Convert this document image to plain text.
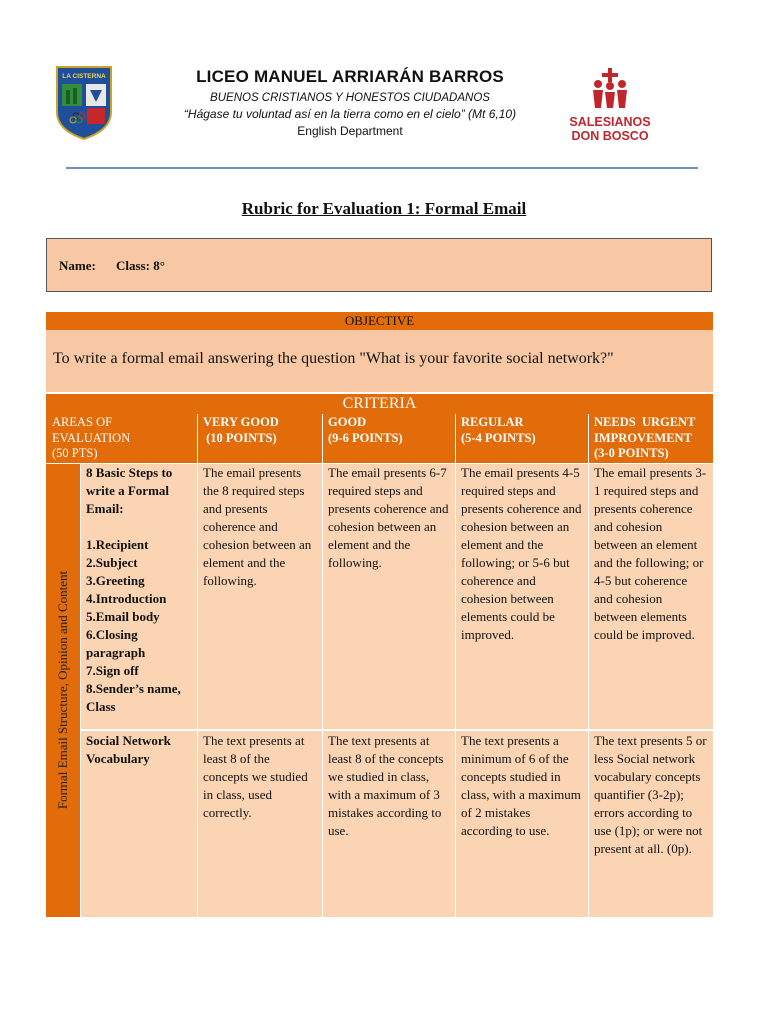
LA CISTERNA	LICEO MANUEL ARRIARÁN BARROS
BUENOS CRISTIANOS Y HONESTOS CIUDADANOS
“Hágase tu voluntad así en la tierra como en el cielo” (Mt 6,10)
English Department
SALESIANOS
DON BOSCO
Rubric for Evaluation 1: Formal Email
Name: Class: 8°
OBJECTIVE
To write a formal email answering the question "What is your favorite social network?"
CRITERIA
AREAS OF
EVALUATION
(50 PTS)
VERY GOOD
(10 POINTS)
GOOD
(9-6 POINTS)
REGULAR
(5-4 POINTS)
NEEDS  URGENT
IMPROVEMENT
(3-0 POINTS)
Formal Email Structure, Opinion and Content
8 Basic Steps to write a Formal Email:

1.Recipient
2.Subject
3.Greeting
4.Introduction
5.Email body
6.Closing paragraph
7.Sign off
8.Sender’s name, Class
The email presents the 8 required steps and presents coherence and cohesion between an element and the following.
The email presents 6-7 required steps and presents coherence and cohesion between an element and the following.
The email presents 4-5 required steps and presents coherence and cohesion between an element and the following; or 5-6 but coherence and cohesion between elements could be improved.
The email presents 3-1 required steps and presents coherence and cohesion between an element and the following; or 4-5 but coherence and cohesion between elements could be improved.
Social Network Vocabulary
The text presents at least 8 of the concepts we studied in class, used correctly.
The text presents at least 8 of the concepts we studied in class, with a maximum of 3 mistakes according to use.
The text presents a minimum of 6 of the concepts studied in class, with a maximum of 2 mistakes according to use.
The text presents 5 or less Social network vocabulary concepts quantifier (3-2p); errors according to use (1p); or were not present at all. (0p).
